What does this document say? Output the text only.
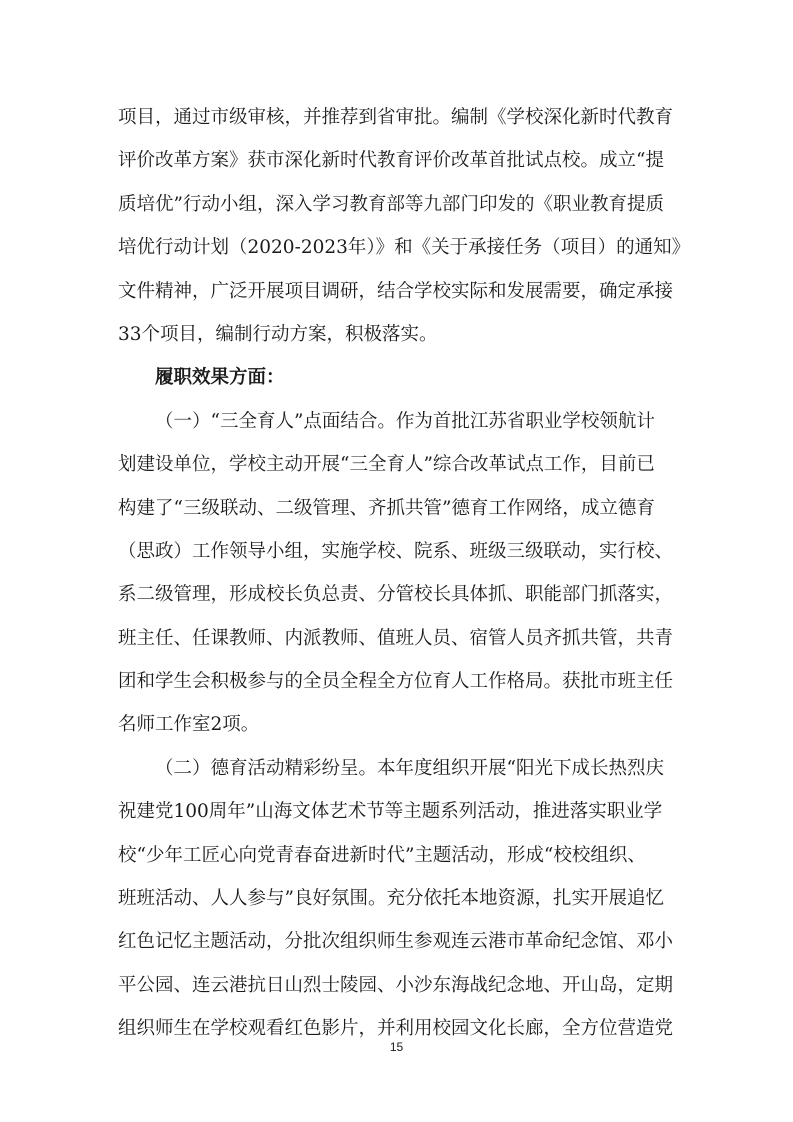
项目，通过市级审核，并推荐到省审批。编制《学校深化新时代教育
评价改革方案》获市深化新时代教育评价改革首批试点校。成立“提
质培优”行动小组，深入学习教育部等九部门印发的《职业教育提质
培优行动计划（2020-2023年）》和《关于承接任务（项目）的通知》
文件精神，广泛开展项目调研，结合学校实际和发展需要，确定承接
33个项目，编制行动方案，积极落实。
履职效果方面：
（一）“三全育人”点面结合。作为首批江苏省职业学校领航计
划建设单位，学校主动开展“三全育人”综合改革试点工作，目前已
构建了“三级联动、二级管理、齐抓共管”德育工作网络，成立德育
（思政）工作领导小组，实施学校、院系、班级三级联动，实行校、
系二级管理，形成校长负总责、分管校长具体抓、职能部门抓落实，
班主任、任课教师、内派教师、值班人员、宿管人员齐抓共管，共青
团和学生会积极参与的全员全程全方位育人工作格局。获批市班主任
名师工作室2项。
（二）德育活动精彩纷呈。本年度组织开展“阳光下成长热烈庆
祝建党100周年”山海文体艺术节等主题系列活动，推进落实职业学
校“少年工匠心向党青春奋进新时代”主题活动，形成“校校组织、
班班活动、人人参与”良好氛围。充分依托本地资源，扎实开展追忆
红色记忆主题活动，分批次组织师生参观连云港市革命纪念馆、邓小
平公园、连云港抗日山烈士陵园、小沙东海战纪念地、开山岛，定期
组织师生在学校观看红色影片，并利用校园文化长廊，全方位营造党
15
